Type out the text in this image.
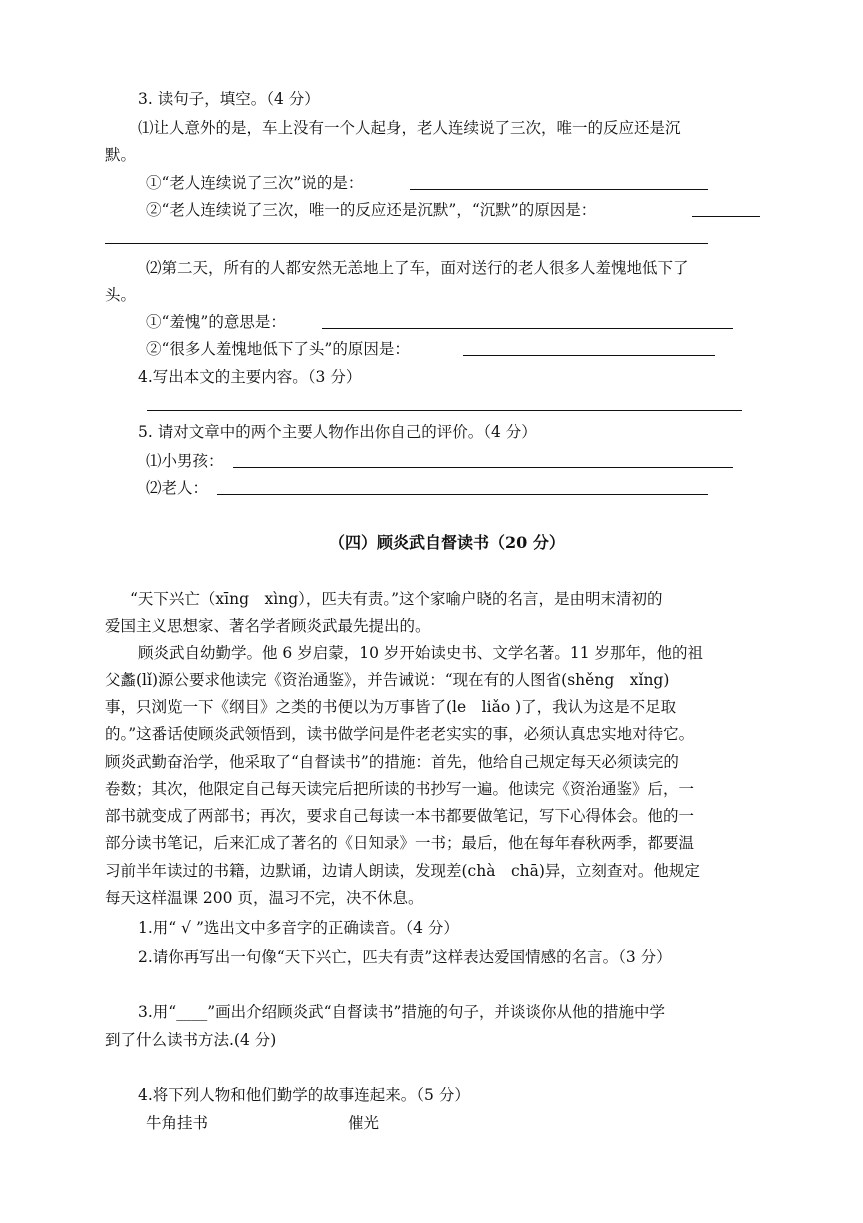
3. 读句子，填空。（4 分）
⑴让人意外的是，车上没有一个人起身，老人连续说了三次，唯一的反应还是沉
默。
①“老人连续说了三次”说的是：
②“老人连续说了三次，唯一的反应还是沉默”，“沉默”的原因是：
⑵第二天，所有的人都安然无恙地上了车，面对送行的老人很多人羞愧地低下了
头。
①“羞愧”的意思是：
②“很多人羞愧地低下了头”的原因是：
4.写出本文的主要内容。（3 分）
5. 请对文章中的两个主要人物作出你自己的评价。（4 分）
⑴小男孩：
⑵老人：
（四）顾炎武自督读书（20 分）
“天下兴亡（xīng　xìng），匹夫有责。”这个家喻户晓的名言，是由明末清初的
爱国主义思想家、著名学者顾炎武最先提出的。
顾炎武自幼勤学。他 6 岁启蒙，10 岁开始读史书、文学名著。11 岁那年，他的祖
父蠡(lǐ)源公要求他读完《资治通鉴》，并告诫说：“现在有的人图省(shěng　xǐng)
事，只浏览一下《纲目》之类的书便以为万事皆了(le　liǎo )了，我认为这是不足取
的。”这番话使顾炎武领悟到，读书做学问是件老老实实的事，必须认真忠实地对待它。
顾炎武勤奋治学，他采取了“自督读书”的措施：首先，他给自己规定每天必须读完的
卷数；其次，他限定自己每天读完后把所读的书抄写一遍。他读完《资治通鉴》后，一
部书就变成了两部书；再次，要求自己每读一本书都要做笔记，写下心得体会。他的一
部分读书笔记，后来汇成了著名的《日知录》一书；最后，他在每年春秋两季，都要温
习前半年读过的书籍，边默诵，边请人朗读，发现差(chà　chā)异，立刻查对。他规定
每天这样温课 200 页，温习不完，决不休息。
1.用“ √ ”选出文中多音字的正确读音。（4 分）
2.请你再写出一句像“天下兴亡，匹夫有责”这样表达爱国情感的名言。（3 分）
3.用“____”画出介绍顾炎武“自督读书”措施的句子，并谈谈你从他的措施中学
到了什么读书方法.(4 分)
4.将下列人物和他们勤学的故事连起来。（5 分）
牛角挂书	催光
